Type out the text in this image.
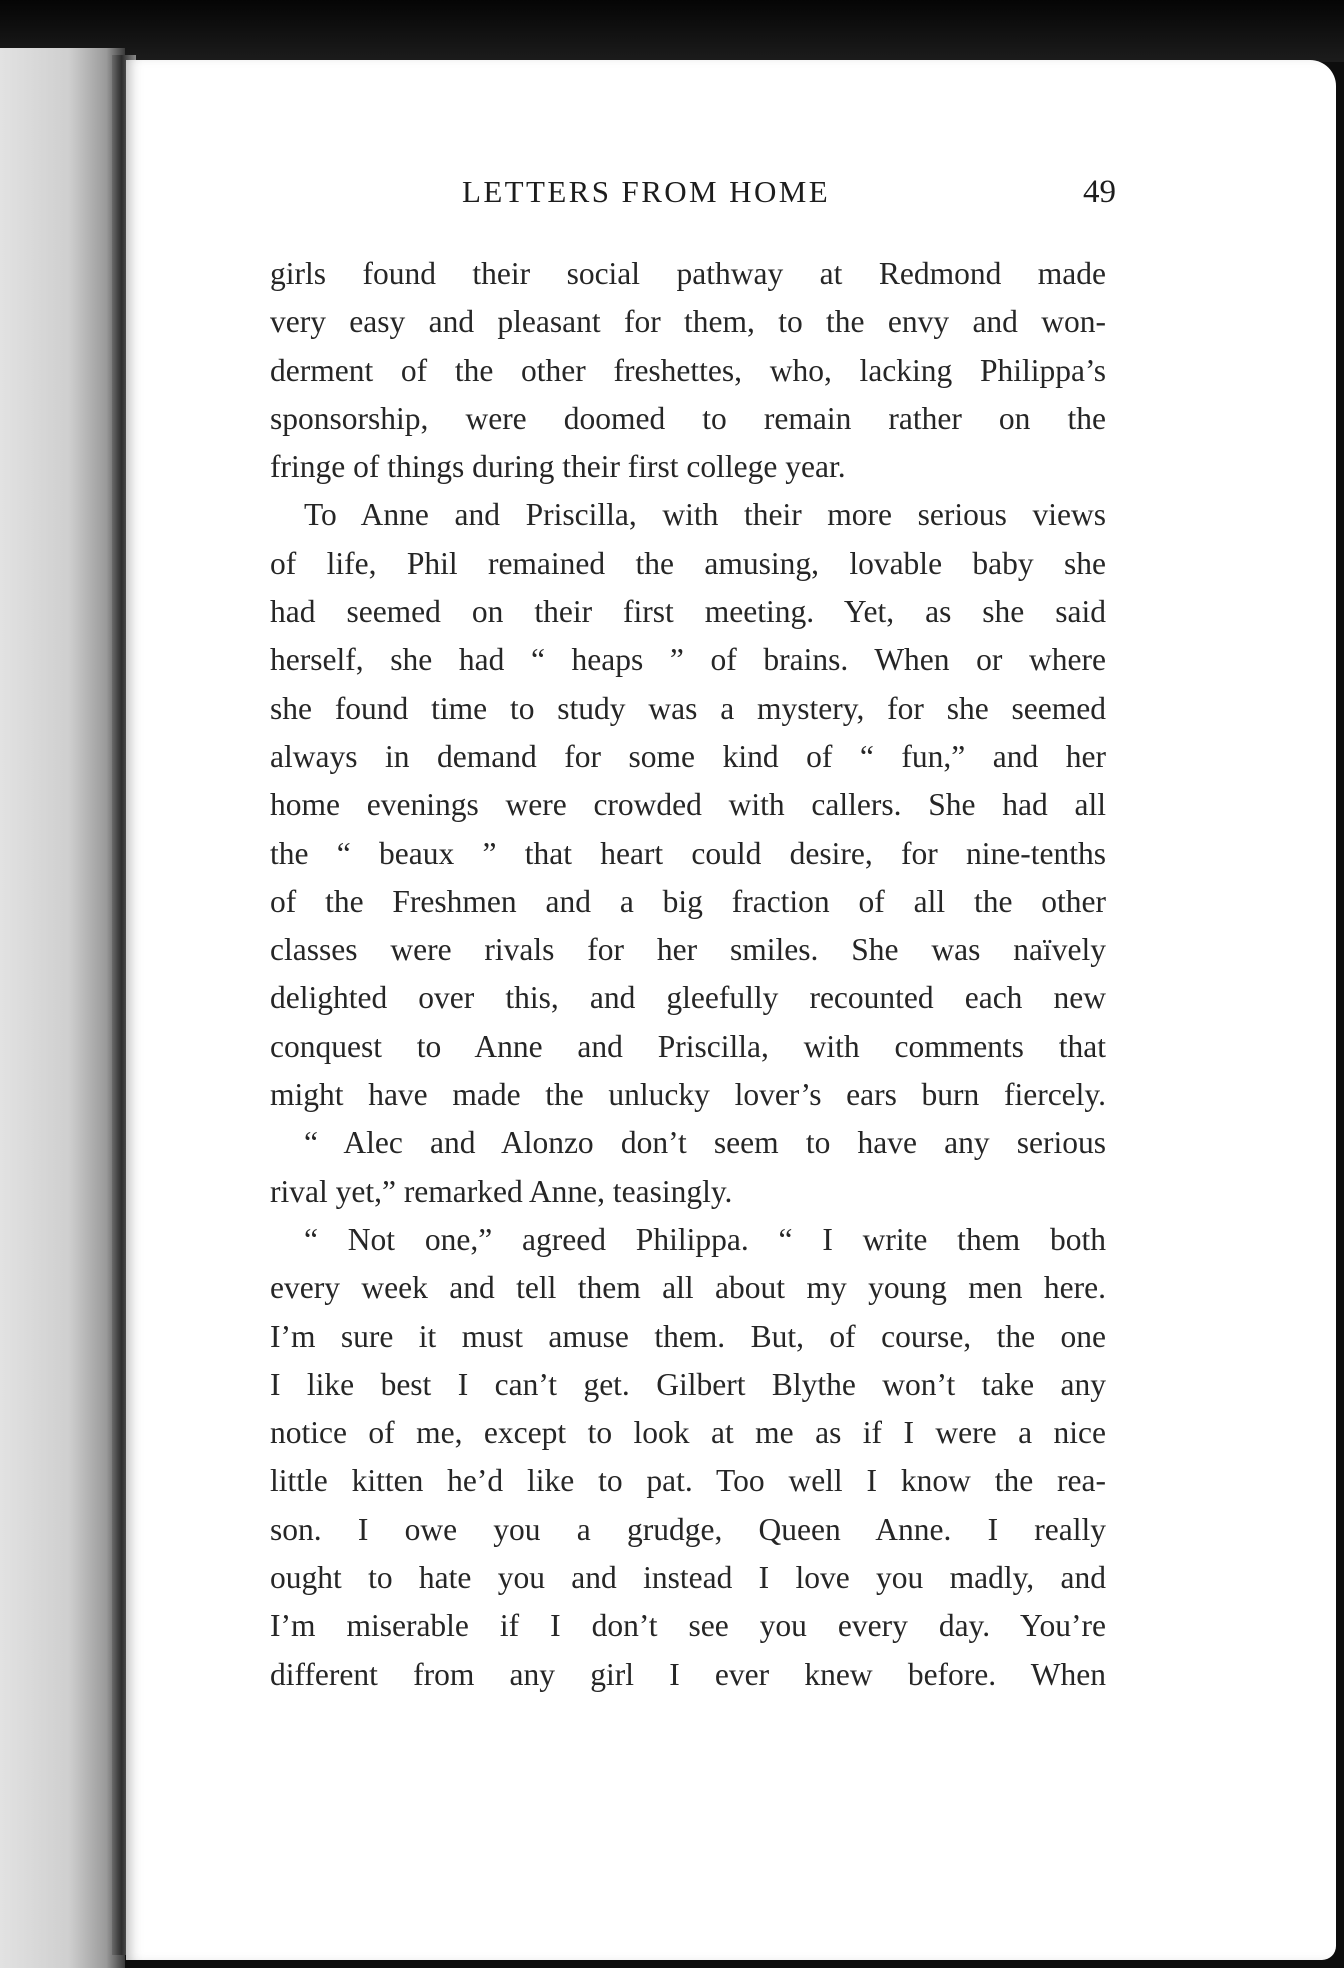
LETTERS FROM HOME	49
girls found their social pathway at Redmond made
very easy and pleasant for them, to the envy and won-
derment of the other freshettes, who, lacking Philippa’s
sponsorship, were doomed to remain rather on the
fringe of things during their first college year.
To Anne and Priscilla, with their more serious views
of life, Phil remained the amusing, lovable baby she
had seemed on their first meeting. Yet, as she said
herself, she had “ heaps ” of brains. When or where
she found time to study was a mystery, for she seemed
always in demand for some kind of “ fun,” and her
home evenings were crowded with callers. She had all
the “ beaux ” that heart could desire, for nine-tenths
of the Freshmen and a big fraction of all the other
classes were rivals for her smiles. She was naïvely
delighted over this, and gleefully recounted each new
conquest to Anne and Priscilla, with comments that
might have made the unlucky lover’s ears burn fiercely.
“ Alec and Alonzo don’t seem to have any serious
rival yet,” remarked Anne, teasingly.
“ Not one,” agreed Philippa. “ I write them both
every week and tell them all about my young men here.
I’m sure it must amuse them. But, of course, the one
I like best I can’t get. Gilbert Blythe won’t take any
notice of me, except to look at me as if I were a nice
little kitten he’d like to pat. Too well I know the rea-
son. I owe you a grudge, Queen Anne. I really
ought to hate you and instead I love you madly, and
I’m miserable if I don’t see you every day. You’re
different from any girl I ever knew before. When
